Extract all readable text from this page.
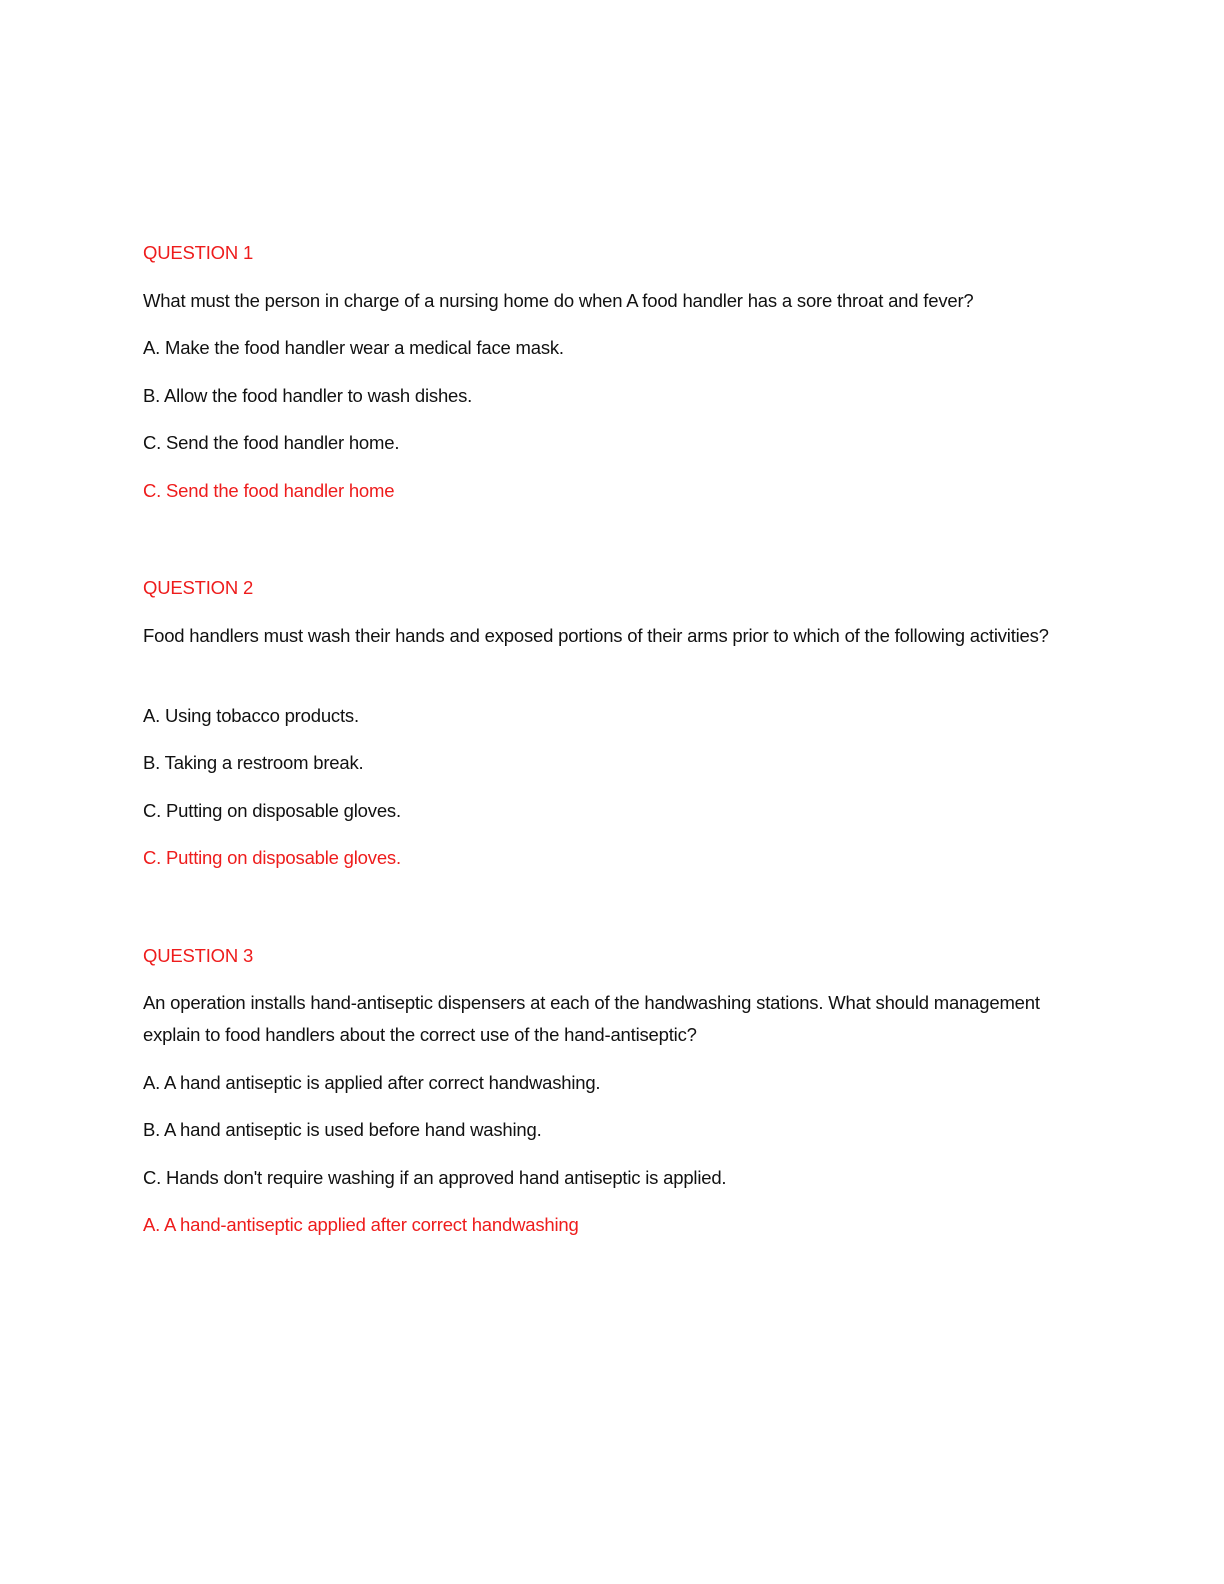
QUESTION 1
What must the person in charge of a nursing home do when A food handler has a sore throat and fever?
A. Make the food handler wear a medical face mask.
B. Allow the food handler to wash dishes.
C. Send the food handler home.
C. Send the food handler home
QUESTION 2
Food handlers must wash their hands and exposed portions of their arms prior to which of the following activities?
A. Using tobacco products.
B. Taking a restroom break.
C. Putting on disposable gloves.
C. Putting on disposable gloves.
QUESTION 3
An operation installs hand-antiseptic dispensers at each of the handwashing stations. What should management explain to food handlers about the correct use of the hand-antiseptic?
A. A hand antiseptic is applied after correct handwashing.
B. A hand antiseptic is used before hand washing.
C. Hands don't require washing if an approved hand antiseptic is applied.
A. A hand-antiseptic applied after correct handwashing
